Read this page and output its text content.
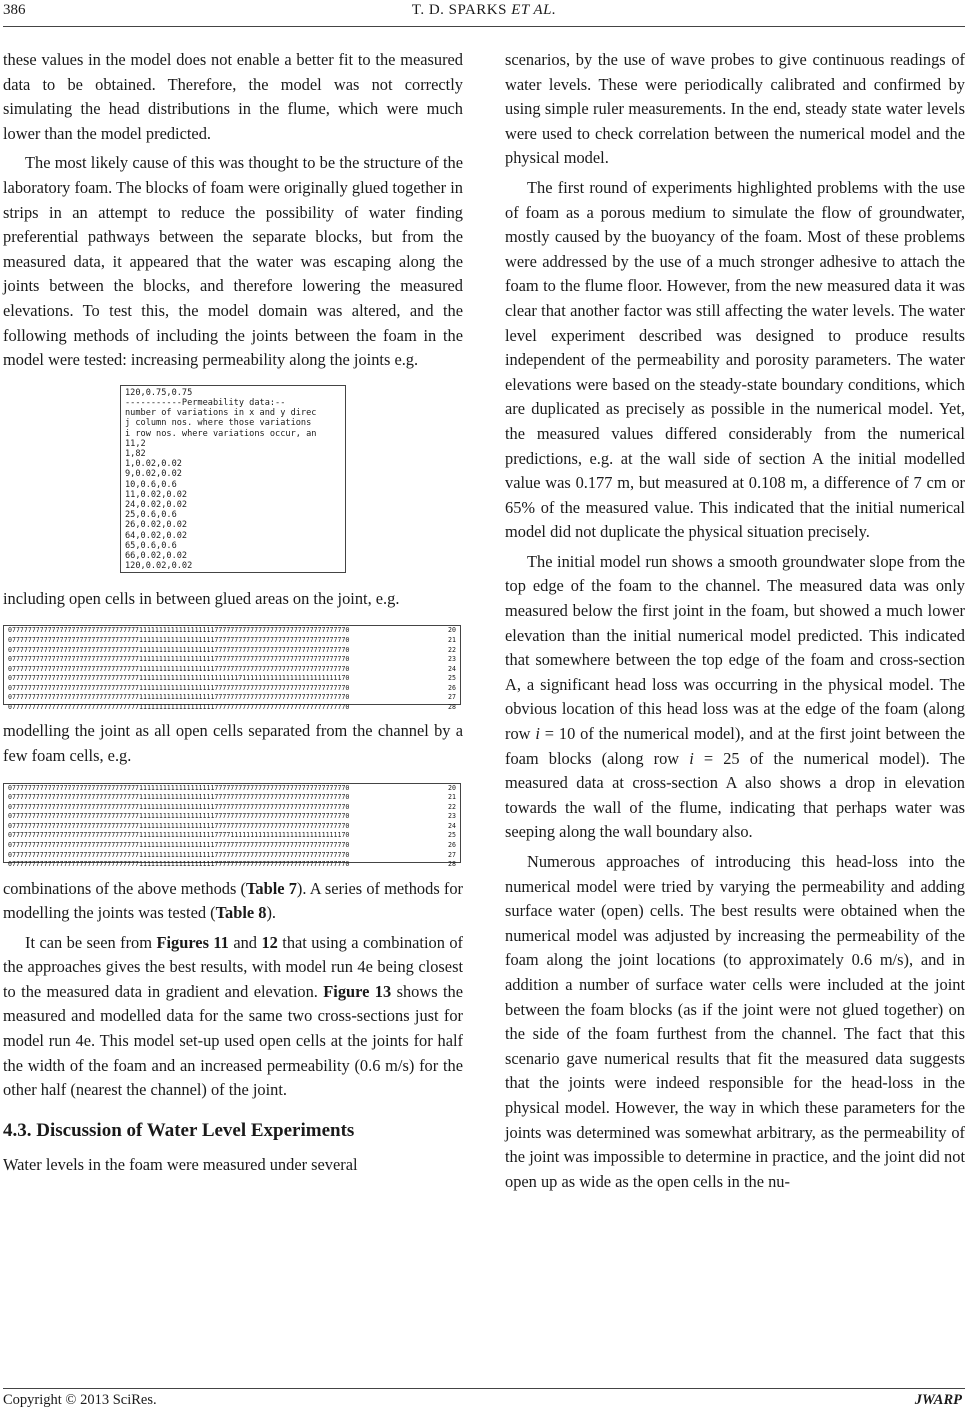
386	T. D. SPARKS ET AL.

these values in the model does not enable a better fit to the measured data to be obtained. Therefore, the model was not correctly simulating the head distributions in the flume, which were much lower than the model predicted.

The most likely cause of this was thought to be the structure of the laboratory foam. The blocks of foam were originally glued together in strips in an attempt to reduce the possibility of water finding preferential pathways between the separate blocks, but from the measured data, it appeared that the water was escaping along the joints between the blocks, and therefore lowering the measured elevations. To test this, the model domain was altered, and the following methods of including the joints between the foam in the model were tested: increasing permeability along the joints e.g.

120,0.75,0.75
-----------Permeability data:--
number of variations in x and y direc
j column nos. where those variations
i row nos. where variations occur, an
11,2
1,82
1,0.02,0.02
9,0.02,0.02
10,0.6,0.6
11,0.02,0.02
24,0.02,0.02
25,0.6,0.6
26,0.02,0.02
64,0.02,0.02
65,0.6,0.6
66,0.02,0.02
120,0.02,0.02

including open cells in between glued areas on the joint, e.g.

07777777777777777777777777777777711111111111111111117777777777777777777777777777777770	20
07777777777777777777777777777777711111111111111111117777777777777777777777777777777770	21
07777777777777777777777777777777711111111111111111117777777777777777777777777777777770	22
07777777777777777777777777777777711111111111111111117777777777777777777777777777777770	23
07777777777777777777777777777777711111111111111111117777777777777777777777777777777770	24
07777777777777777777777777777777711111111111111111111111117111111111111111111111111170	25
07777777777777777777777777777777711111111111111111117777777777777777777777777777777770	26
07777777777777777777777777777777711111111111111111117777777777777777777777777777777770	27
07777777777777777777777777777777711111111111111111117777777777777777777777777777777770	28

modelling the joint as all open cells separated from the channel by a few foam cells, e.g.

07777777777777777777777777777777711111111111111111117777777777777777777777777777777770	20
07777777777777777777777777777777711111111111111111117777777777777777777777777777777770	21
07777777777777777777777777777777711111111111111111117777777777777777777777777777777770	22
07777777777777777777777777777777711111111111111111117777777777777777777777777777777770	23
07777777777777777777777777777777711111111111111111117777777777777777777777777777777770	24
07777777777777777777777777777777711111111111111111117777111111111111111111111111111170	25
07777777777777777777777777777777711111111111111111117777777777777777777777777777777770	26
07777777777777777777777777777777711111111111111111117777777777777777777777777777777770	27
07777777777777777777777777777777711111111111111111117777777777777777777777777777777770	28

combinations of the above methods (Table 7). A series of methods for modelling the joints was tested (Table 8).

It can be seen from Figures 11 and 12 that using a combination of the approaches gives the best results, with model run 4e being closest to the measured data in gradient and elevation. Figure 13 shows the measured and modelled data for the same two cross-sections just for model run 4e. This model set-up used open cells at the joints for half the width of the foam and an increased permeability (0.6 m/s) for the other half (nearest the channel) of the joint.

4.3. Discussion of Water Level Experiments

Water levels in the foam were measured under several

scenarios, by the use of wave probes to give continuous readings of water levels. These were periodically calibrated and confirmed by using simple ruler measurements. In the end, steady state water levels were used to check correlation between the numerical model and the physical model.

The first round of experiments highlighted problems with the use of foam as a porous medium to simulate the flow of groundwater, mostly caused by the buoyancy of the foam. Most of these problems were addressed by the use of a much stronger adhesive to attach the foam to the flume floor. However, from the new measured data it was clear that another factor was still affecting the water levels. The water level experiment described was designed to produce results independent of the permeability and porosity parameters. The water elevations were based on the steady-state boundary conditions, which are duplicated as precisely as possible in the numerical model. Yet, the measured values differed considerably from the numerical predictions, e.g. at the wall side of section A the initial modelled value was 0.177 m, but measured at 0.108 m, a difference of 7 cm or 65% of the measured value. This indicated that the initial numerical model did not duplicate the physical situation precisely.

The initial model run shows a smooth groundwater slope from the top edge of the foam to the channel. The measured data was only measured below the first joint in the foam, but showed a much lower elevation than the initial numerical model predicted. This indicated that somewhere between the top edge of the foam and cross-section A, a significant head loss was occurring in the physical model. The obvious location of this head loss was at the edge of the foam (along row i = 10 of the numerical model), and at the first joint between the foam blocks (along row i = 25 of the numerical model). The measured data at cross-section A also shows a drop in elevation towards the wall of the flume, indicating that perhaps water was seeping along the wall boundary also.

Numerous approaches of introducing this head-loss into the numerical model were tried by varying the permeability and adding surface water (open) cells. The best results were obtained when the numerical model was adjusted by increasing the permeability of the foam along the joint locations (to approximately 0.6 m/s), and in addition a number of surface water cells were included at the joint between the foam blocks (as if the joint were not glued together) on the side of the foam furthest from the channel. The fact that this scenario gave numerical results that fit the measured data suggests that the joints were indeed responsible for the head-loss in the physical model. However, the way in which these parameters for the joints was determined was somewhat arbitrary, as the permeability of the joint was impossible to determine in practice, and the joint did not open up as wide as the open cells in the nu-

Copyright © 2013 SciRes.	JWARP
